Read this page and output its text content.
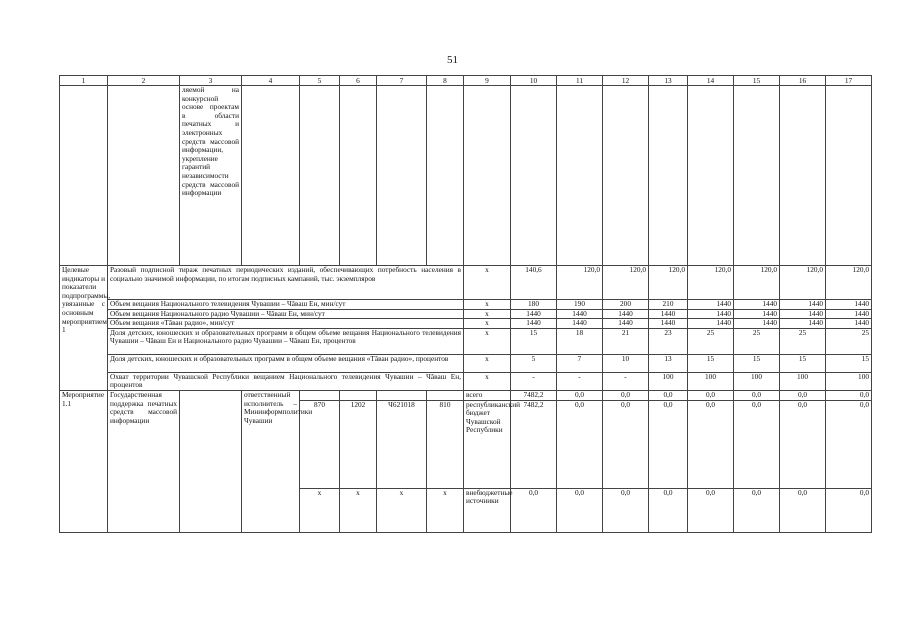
51
1	2	3	4	5	6	7	8	9	10	11	12	13	14	15	16	17
		ляемой на конкурсной основе проектам в области печатных и электронных средств массовой информации, укрепление гарантий независимости средств массовой информации														
Целевые индикаторы и показатели подпрограммы, увязанные с основным мероприятием 1	Разовый подписной тираж печатных периодических изданий, обеспечивающих потребность населения в социально значимой информации, по итогам подписных кампаний, тыс. экземпляров							x	140,6	120,0	120,0	120,0	120,0	120,0	120,0	120,0
	Объем вещания Национального телевидения Чувашии – Чăваш Ен, мин/сут							x	180	190	200	210	1440	1440	1440	1440
	Объем вещания Национального радио Чувашии – Чăваш Ен, мин/сут							x	1440	1440	1440	1440	1440	1440	1440	1440
	Объем вещания «Тăван радио», мин/сут							x	1440	1440	1440	1440	1440	1440	1440	1440
	Доля детских, юношеских и образовательных программ в общем объеме вещания Национального телевидения Чувашии – Чăваш Ен и Национального радио Чувашии – Чăваш Ен, процентов							x	15	18	21	23	25	25	25	25
	Доля детских, юношеских и образовательных программ в общем объеме вещания «Тăван радио», процентов							x	5	7	10	13	15	15	15	15
	Охват территории Чувашской Республики вещанием Национального телевидения Чувашии – Чăваш Ен, процентов							x	-	-	-	100	100	100	100	100
Мероприятие 1.1	Государственная поддержка печатных средств массовой информации		ответственный исполнитель – Мининформполитики Чувашии					всего	7482,2	0,0	0,0	0,0	0,0	0,0	0,0	0,0
				870	1202	Ч621018	810	республиканский бюджет Чувашской Республики	7482,2	0,0	0,0	0,0	0,0	0,0	0,0	0,0
				х	х	х	х	внебюджетные источники	0,0	0,0	0,0	0,0	0,0	0,0	0,0	0,0
